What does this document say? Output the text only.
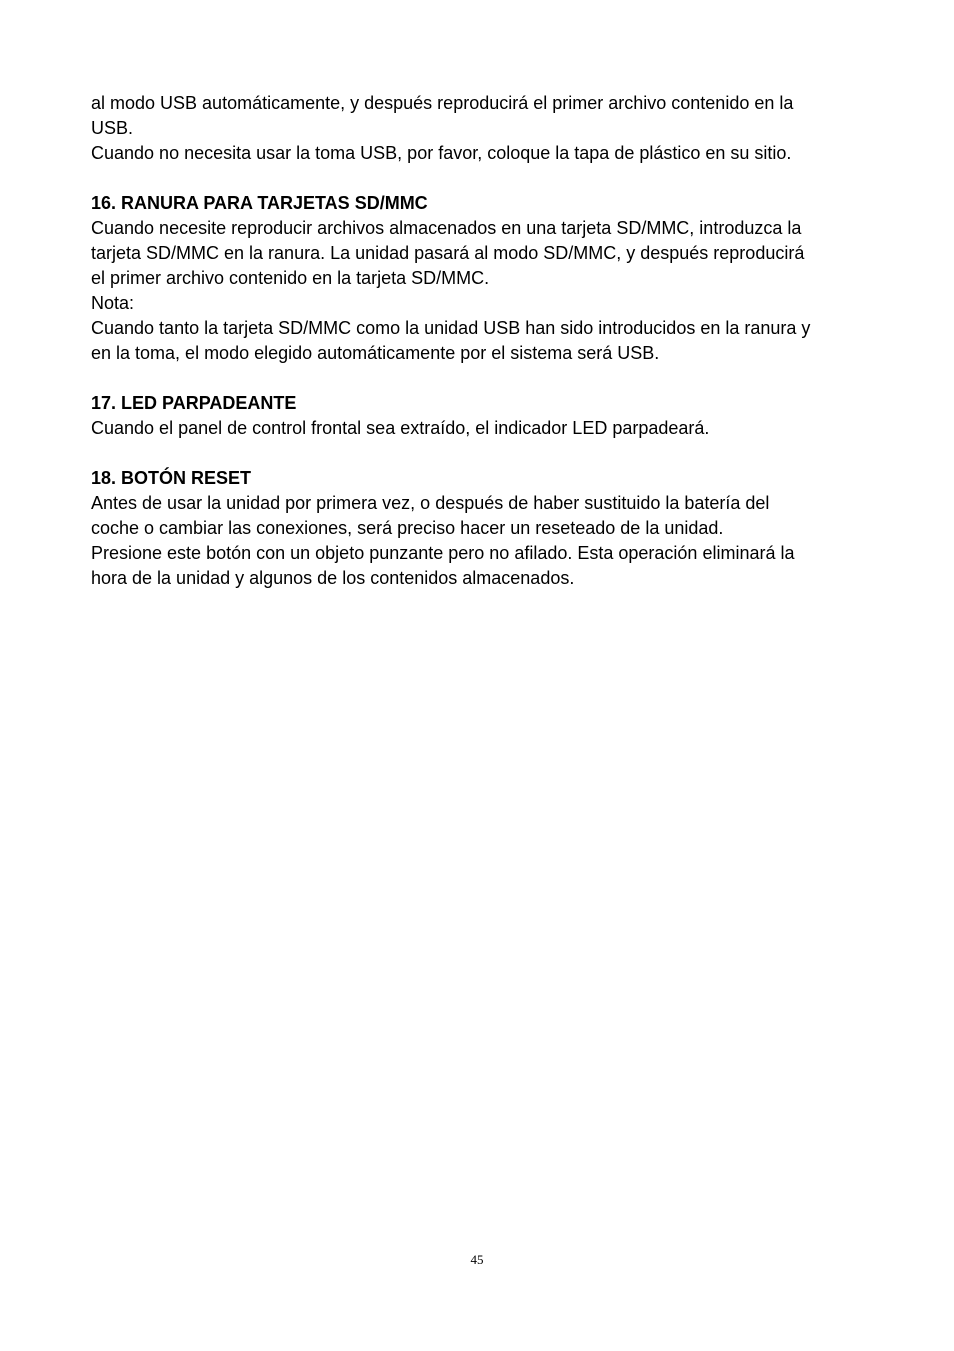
al modo USB automáticamente, y después reproducirá el primer archivo contenido en la
USB.
Cuando no necesita usar la toma USB, por favor, coloque la tapa de plástico en su sitio.
16. RANURA PARA TARJETAS SD/MMC
Cuando necesite reproducir archivos almacenados en una tarjeta SD/MMC, introduzca la
tarjeta SD/MMC en la ranura. La unidad pasará al modo SD/MMC, y después reproducirá
el primer archivo contenido en la tarjeta SD/MMC.
Nota:
Cuando tanto la tarjeta SD/MMC como la unidad USB han sido introducidos en la ranura y
en la toma, el modo elegido automáticamente por el sistema será USB.
17. LED PARPADEANTE
Cuando el panel de control frontal sea extraído, el indicador LED parpadeará.
18. BOTÓN RESET
Antes de usar la unidad por primera vez, o después de haber sustituido la batería del
coche o cambiar las conexiones, será preciso hacer un reseteado de la unidad.
Presione este botón con un objeto punzante pero no afilado. Esta operación eliminará la
hora de la unidad y algunos de los contenidos almacenados.
45
